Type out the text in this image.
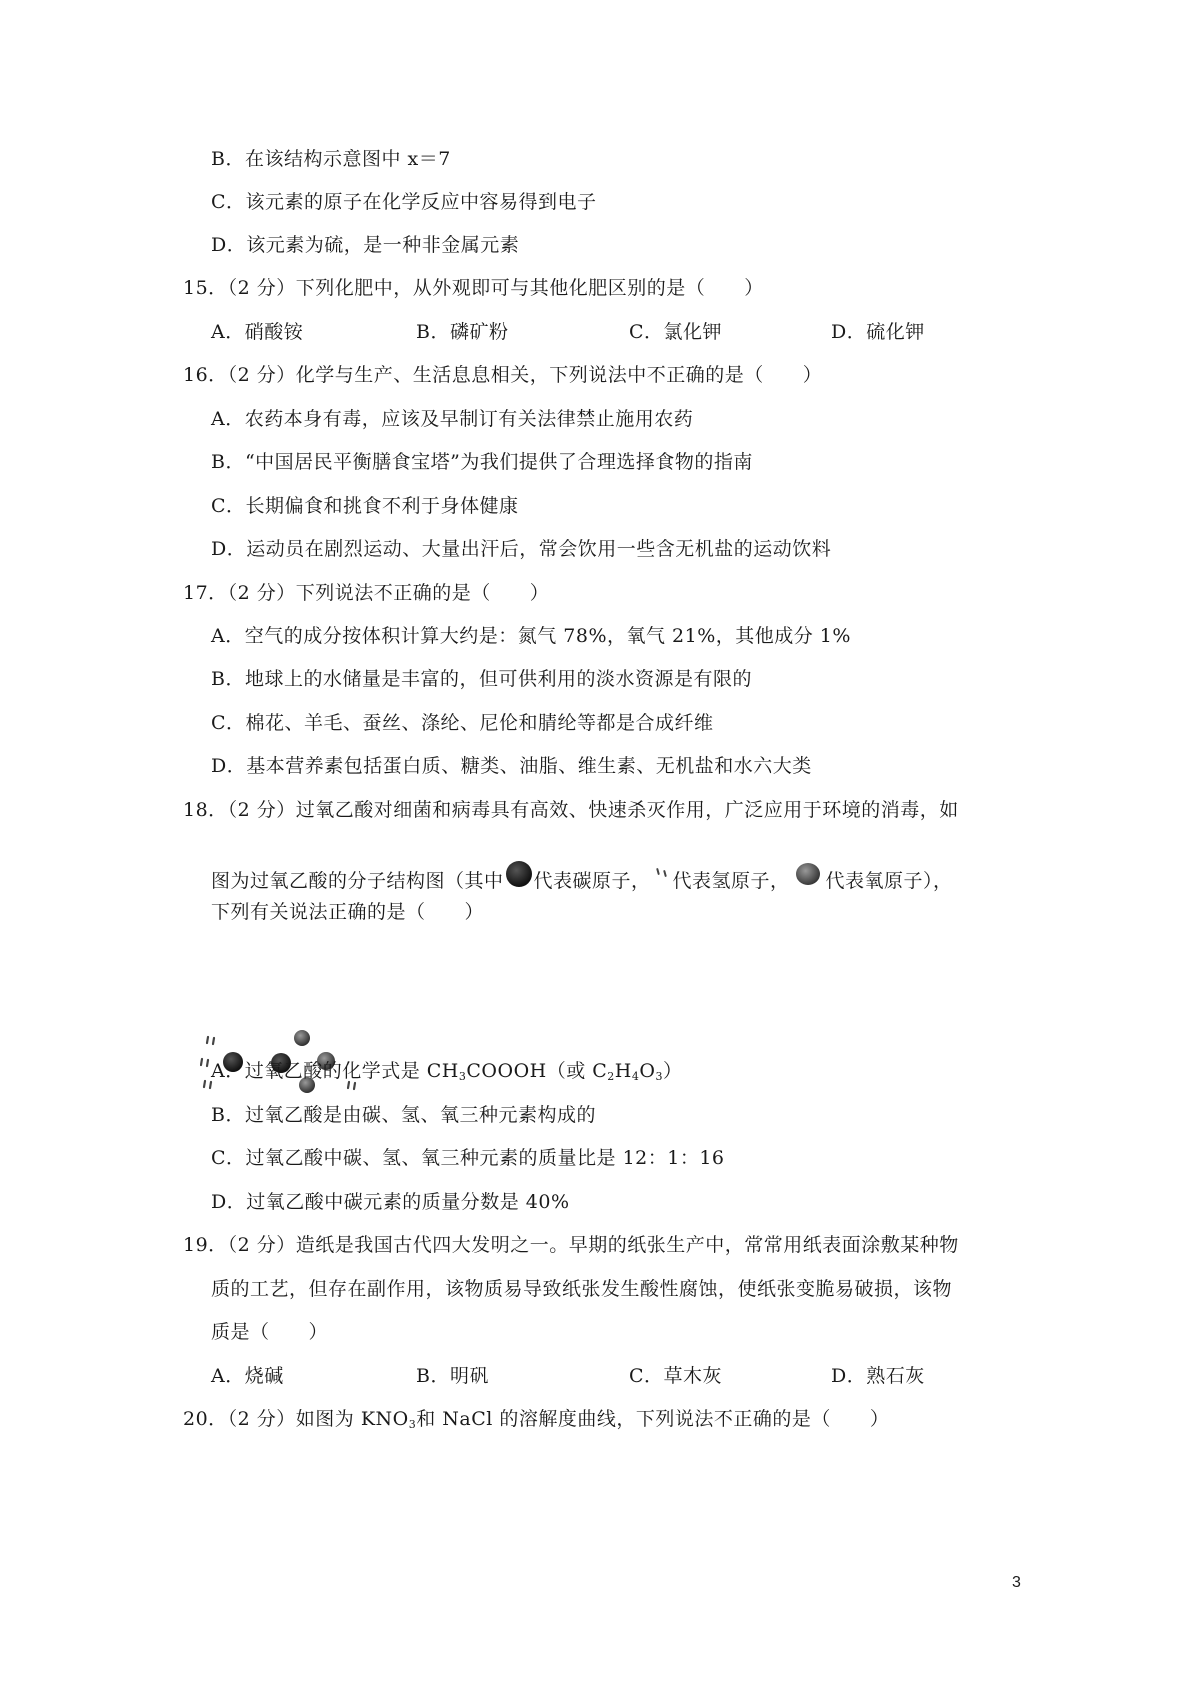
B．在该结构示意图中 x＝7
C．该元素的原子在化学反应中容易得到电子
D．该元素为硫，是一种非金属元素
15．（2 分）下列化肥中，从外观即可与其他化肥区别的是（　　）
A．硝酸铵	B．磷矿粉	C．氯化钾	D．硫化钾
16．（2 分）化学与生产、生活息息相关，下列说法中不正确的是（　　）
A．农药本身有毒，应该及早制订有关法律禁止施用农药
B．“中国居民平衡膳食宝塔”为我们提供了合理选择食物的指南
C．长期偏食和挑食不利于身体健康
D．运动员在剧烈运动、大量出汗后，常会饮用一些含无机盐的运动饮料
17．（2 分）下列说法不正确的是（　　）
A．空气的成分按体积计算大约是：氮气 78%，氧气 21%，其他成分 1%
B．地球上的水储量是丰富的，但可供利用的淡水资源是有限的
C．棉花、羊毛、蚕丝、涤纶、尼伦和腈纶等都是合成纤维
D．基本营养素包括蛋白质、糖类、油脂、维生素、无机盐和水六大类
18．（2 分）过氧乙酸对细菌和病毒具有高效、快速杀灭作用，广泛应用于环境的消毒，如
图为过氧乙酸的分子结构图（其中 代表碳原子， 代表氢原子， 代表氧原子），
下列有关说法正确的是（　　）
A．过氧乙酸的化学式是 $CH_3COOOH$（或 $C_2H_4O_3$）
B．过氧乙酸是由碳、氢、氧三种元素构成的
C．过氧乙酸中碳、氢、氧三种元素的质量比是 12：1：16
D．过氧乙酸中碳元素的质量分数是 40%
19．（2 分）造纸是我国古代四大发明之一。早期的纸张生产中，常常用纸表面涂敷某种物
质的工艺，但存在副作用，该物质易导致纸张发生酸性腐蚀，使纸张变脆易破损，该物
质是（　　）
A．烧碱	B．明矾	C．草木灰	D．熟石灰
20．（2 分）如图为 $KNO_3$和 NaCl 的溶解度曲线，下列说法不正确的是（　　）
3
